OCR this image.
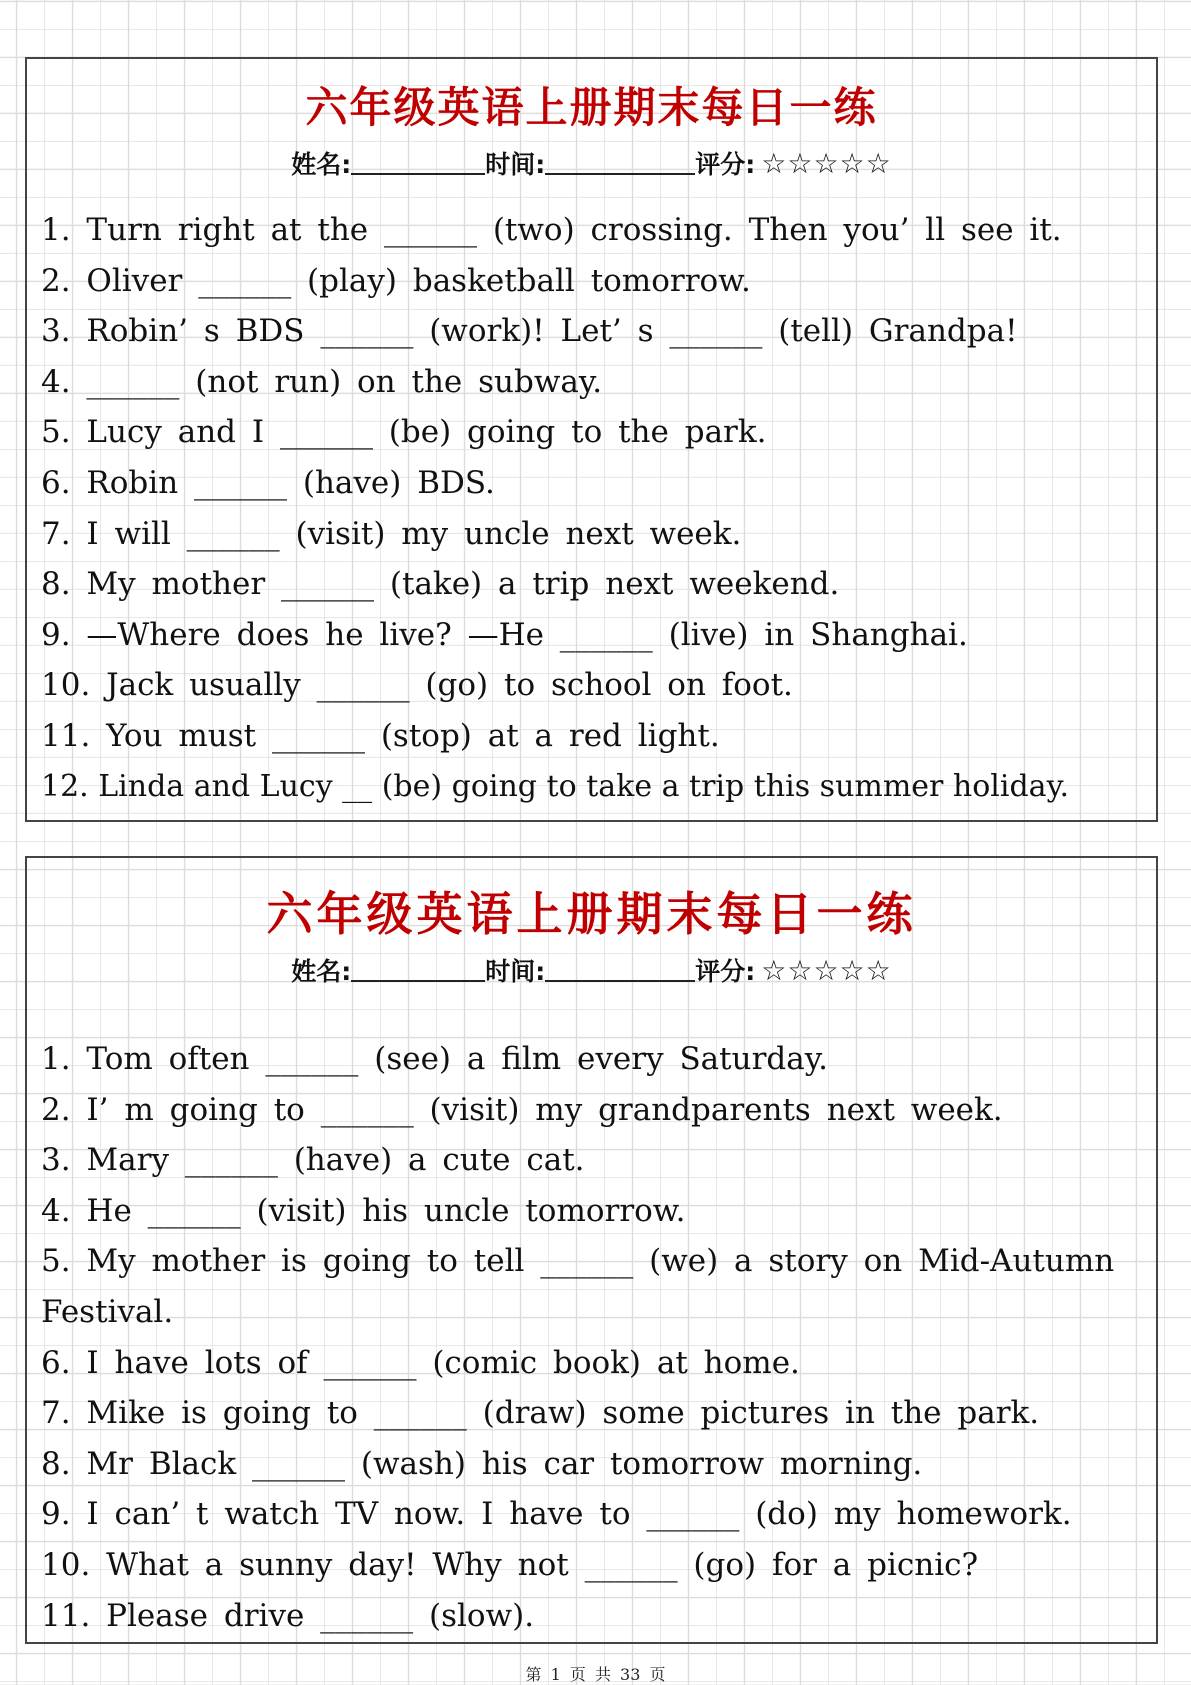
六年级英语上册期末每日一练
姓名:	时间:	评分: ☆☆☆☆☆
1. Turn right at the ______ (two) crossing. Then you’ ll see it.
2. Oliver ______ (play) basketball tomorrow.
3. Robin’ s BDS ______ (work)! Let’ s ______ (tell) Grandpa!
4. ______ (not run) on the subway.
5. Lucy and I ______ (be) going to the park.
6. Robin ______ (have) BDS.
7. I will ______ (visit) my uncle next week.
8. My mother ______ (take) a trip next weekend.
9. —Where does he live? —He ______ (live) in Shanghai.
10. Jack usually ______ (go) to school on foot.
11. You must ______ (stop) at a red light.
12. Linda and Lucy __ (be) going to take a trip this summer holiday.
六年级英语上册期末每日一练
姓名:	时间:	评分: ☆☆☆☆☆
1. Tom often ______ (see) a film every Saturday.
2. I’ m going to ______ (visit) my grandparents next week.
3. Mary ______ (have) a cute cat.
4. He ______ (visit) his uncle tomorrow.
5. My mother is going to tell ______ (we) a story on Mid-Autumn Festival.
6. I have lots of ______ (comic book) at home.
7. Mike is going to ______ (draw) some pictures in the park.
8. Mr Black ______ (wash) his car tomorrow morning.
9. I can’ t watch TV now. I have to ______ (do) my homework.
10. What a sunny day! Why not ______ (go) for a picnic?
11. Please drive ______ (slow).
第 1 页 共 33 页
